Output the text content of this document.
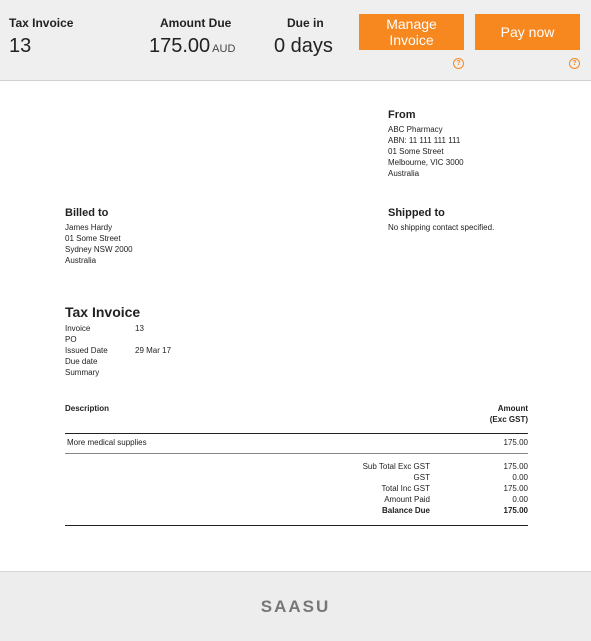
Tax Invoice
13
Amount Due
175.00 AUD
Due in
0 days
Manage
Invoice
?
Pay now
?
From
ABC Pharmacy
ABN: 11 111 111 111
01 Some Street
Melbourne, VIC 3000
Australia
Billed to
James Hardy
01 Some Street
Sydney NSW 2000
Australia
Shipped to
No shipping contact specified.
Tax Invoice
Invoice	13
PO
Issued Date	29 Mar 17
Due date
Summary
Description	Amount
(Exc GST)
More medical supplies	175.00
Sub Total Exc GST	175.00
GST	0.00
Total Inc GST	175.00
Amount Paid	0.00
Balance Due	175.00
SAASU
